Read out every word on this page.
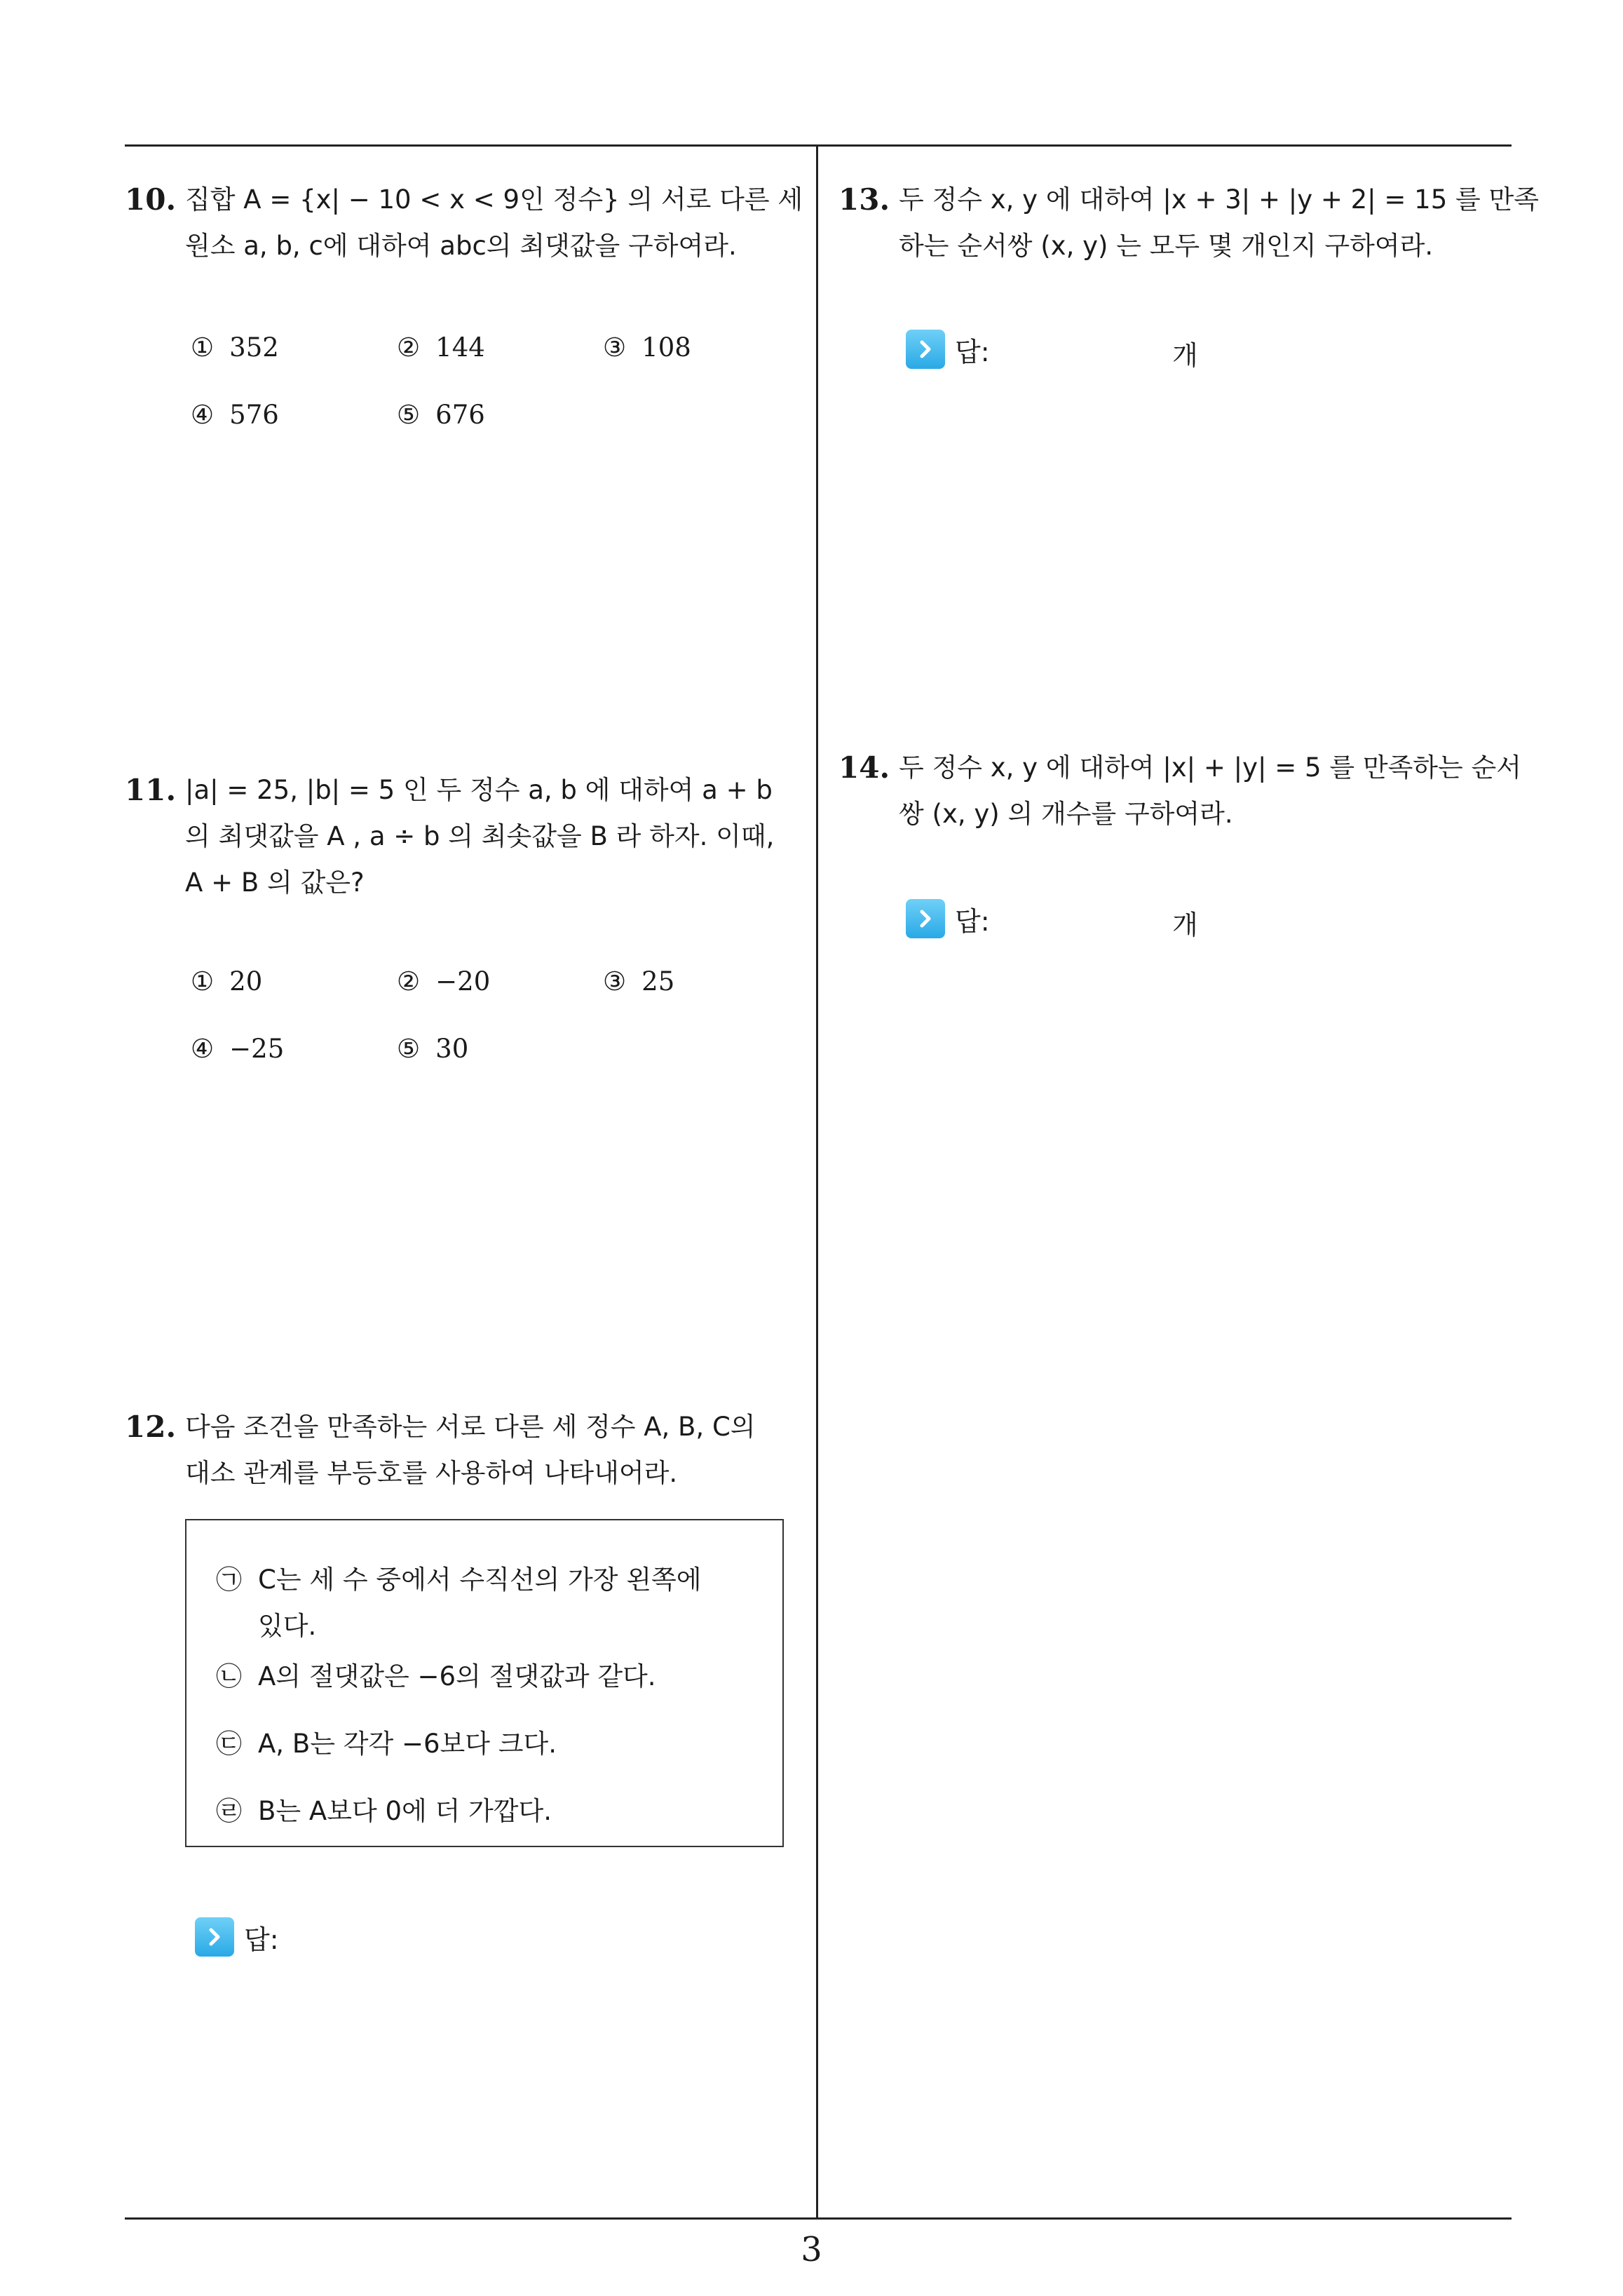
10. 집합 A = {x| − 10 < x < 9인 정수} 의 서로 다른 세
원소 a, b, c에 대하여 abc의 최댓값을 구하여라.
① 352	② 144	③ 108
④ 576	⑤ 676
11. |a| = 25, |b| = 5 인 두 정수 a, b 에 대하여 a + b
의 최댓값을 A , a ÷ b 의 최솟값을 B 라 하자. 이때,
A + B 의 값은?
① 20	② −20	③ 25
④ −25	⑤ 30
12. 다음 조건을 만족하는 서로 다른 세 정수 A, B, C의
대소 관계를 부등호를 사용하여 나타내어라.
㉠ C는 세 수 중에서 수직선의 가장 왼쪽에
있다.
㉡ A의 절댓값은 −6의 절댓값과 같다.
㉢ A, B는 각각 −6보다 크다.
㉣ B는 A보다 0에 더 가깝다.
답:
13. 두 정수 x, y 에 대하여 |x + 3| + |y + 2| = 15 를 만족
하는 순서쌍 (x, y) 는 모두 몇 개인지 구하여라.
답:	개
14. 두 정수 x, y 에 대하여 |x| + |y| = 5 를 만족하는 순서
쌍 (x, y) 의 개수를 구하여라.
답:	개
3
